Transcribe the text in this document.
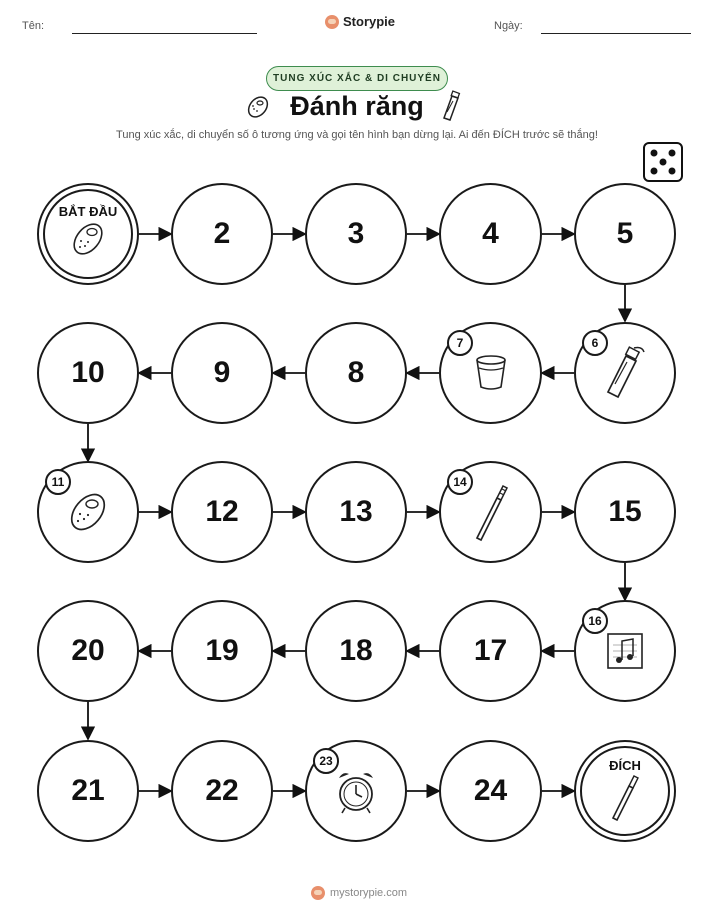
Tên:	Storypie	Ngày:
TUNG XÚC XẮC & DI CHUYỂN
Đánh răng
Tung xúc xắc, di chuyển số ô tương ứng và gọi tên hình bạn dừng lại. Ai đến ĐÍCH trước sẽ thắng!
BẮT ĐẦU
2	3	4	5
10	9	8
7	6
11
12	13
14
15
20	19	18	17
16
21	22
23
24
ĐÍCH
mystorypie.com
